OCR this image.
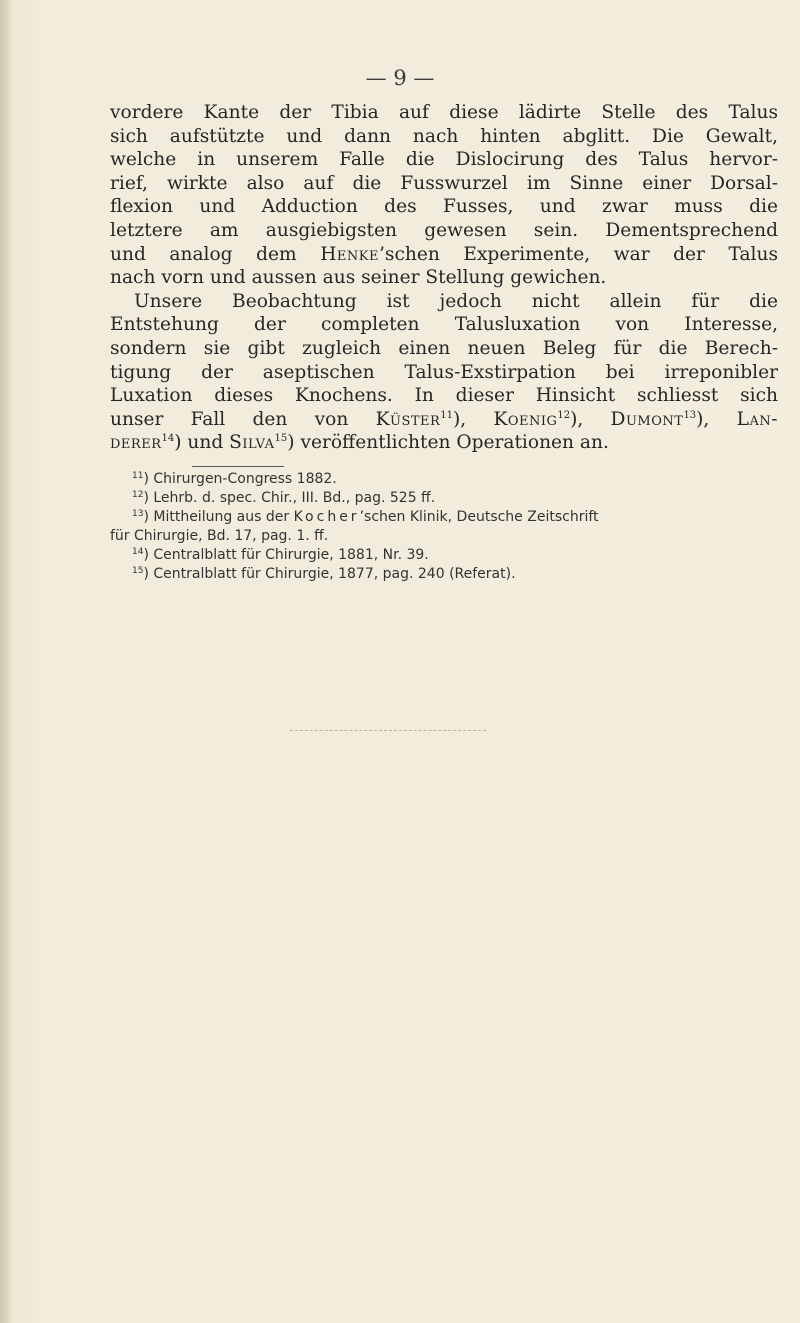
— 9 —
vordere Kante der Tibia auf diese lädirte Stelle des Talus
sich aufstützte und dann nach hinten abglitt. Die Gewalt,
welche in unserem Falle die Dislocirung des Talus hervor-
rief, wirkte also auf die Fusswurzel im Sinne einer Dorsal-
flexion und Adduction des Fusses, und zwar muss die
letztere am ausgiebigsten gewesen sein. Dementsprechend
und analog dem Henke’schen Experimente, war der Talus
nach vorn und aussen aus seiner Stellung gewichen.
Unsere Beobachtung ist jedoch nicht allein für die
Entstehung der completen Talusluxation von Interesse,
sondern sie gibt zugleich einen neuen Beleg für die Berech-
tigung der aseptischen Talus-Exstirpation bei irreponibler
Luxation dieses Knochens. In dieser Hinsicht schliesst sich
unser Fall den von Küster$^{11}$), Koenig$^{12}$), Dumont$^{13}$), Lan-
derer$^{14}$) und Silva$^{15}$) veröffentlichten Operationen an.
$^{11}$) Chirurgen-Congress 1882.
$^{12}$) Lehrb. d. spec. Chir., III. Bd., pag. 525 ff.
$^{13}$) Mittheilung aus der Kocher’schen Klinik, Deutsche Zeitschrift
für Chirurgie, Bd. 17, pag. 1. ff.
$^{14}$) Centralblatt für Chirurgie, 1881, Nr. 39.
$^{15}$) Centralblatt für Chirurgie, 1877, pag. 240 (Referat).
